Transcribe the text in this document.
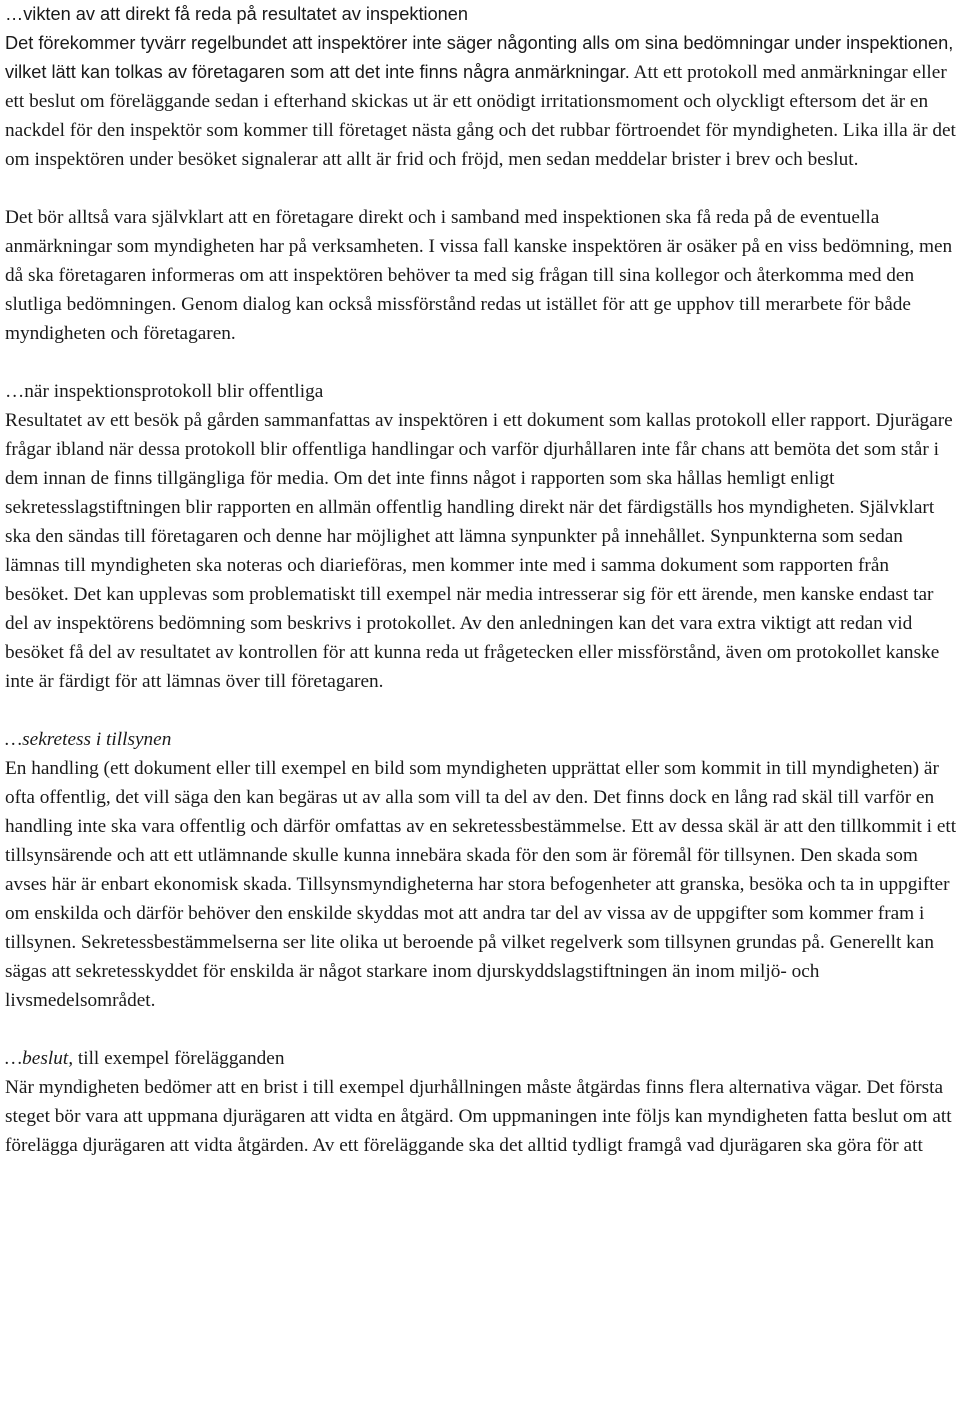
…vikten av att direkt få reda på resultatet av inspektionen

Det förekommer tyvärr regelbundet att inspektörer inte säger någonting alls om sina bedömningar under inspektionen, vilket lätt kan tolkas av företagaren som att det inte finns några anmärkningar. Att ett protokoll med anmärkningar eller ett beslut om föreläggande sedan i efterhand skickas ut är ett onödigt irritationsmoment och olyckligt eftersom det är en nackdel för den inspektör som kommer till företaget nästa gång och det rubbar förtroendet för myndigheten. Lika illa är det om inspektören under besöket signalerar att allt är frid och fröjd, men sedan meddelar brister i brev och beslut.

Det bör alltså vara självklart att en företagare direkt och i samband med inspektionen ska få reda på de eventuella anmärkningar som myndigheten har på verksamheten. I vissa fall kanske inspektören är osäker på en viss bedömning, men då ska företagaren informeras om att inspektören behöver ta med sig frågan till sina kollegor och återkomma med den slutliga bedömningen. Genom dialog kan också missförstånd redas ut istället för att ge upphov till merarbete för både myndigheten och företagaren.

…när inspektionsprotokoll blir offentliga

Resultatet av ett besök på gården sammanfattas av inspektören i ett dokument som kallas protokoll eller rapport. Djurägare frågar ibland när dessa protokoll blir offentliga handlingar och varför djurhållaren inte får chans att bemöta det som står i dem innan de finns tillgängliga för media. Om det inte finns något i rapporten som ska hållas hemligt enligt sekretesslagstiftningen blir rapporten en allmän offentlig handling direkt när det färdigställs hos myndigheten. Självklart ska den sändas till företagaren och denne har möjlighet att lämna synpunkter på innehållet. Synpunkterna som sedan lämnas till myndigheten ska noteras och diarieföras, men kommer inte med i samma dokument som rapporten från besöket. Det kan upplevas som problematiskt till exempel när media intresserar sig för ett ärende, men kanske endast tar del av inspektörens bedömning som beskrivs i protokollet. Av den anledningen kan det vara extra viktigt att redan vid besöket få del av resultatet av kontrollen för att kunna reda ut frågetecken eller missförstånd, även om protokollet kanske inte är färdigt för att lämnas över till företagaren.

…sekretess i tillsynen

En handling (ett dokument eller till exempel en bild som myndigheten upprättat eller som kommit in till myndigheten) är ofta offentlig, det vill säga den kan begäras ut av alla som vill ta del av den. Det finns dock en lång rad skäl till varför en handling inte ska vara offentlig och därför omfattas av en sekretessbestämmelse. Ett av dessa skäl är att den tillkommit i ett tillsynsärende och att ett utlämnande skulle kunna innebära skada för den som är föremål för tillsynen. Den skada som avses här är enbart ekonomisk skada. Tillsynsmyndigheterna har stora befogenheter att granska, besöka och ta in uppgifter om enskilda och därför behöver den enskilde skyddas mot att andra tar del av vissa av de uppgifter som kommer fram i tillsynen. Sekretessbestämmelserna ser lite olika ut beroende på vilket regelverk som tillsynen grundas på. Generellt kan sägas att sekretesskyddet för enskilda är något starkare inom djurskyddslagstiftningen än inom miljö- och livsmedelsområdet.

…beslut, till exempel förelägganden

När myndigheten bedömer att en brist i till exempel djurhållningen måste åtgärdas finns flera alternativa vägar. Det första steget bör vara att uppmana djurägaren att vidta en åtgärd. Om uppmaningen inte följs kan myndigheten fatta beslut om att förelägga djurägaren att vidta åtgärden. Av ett föreläggande ska det alltid tydligt framgå vad djurägaren ska göra för att
